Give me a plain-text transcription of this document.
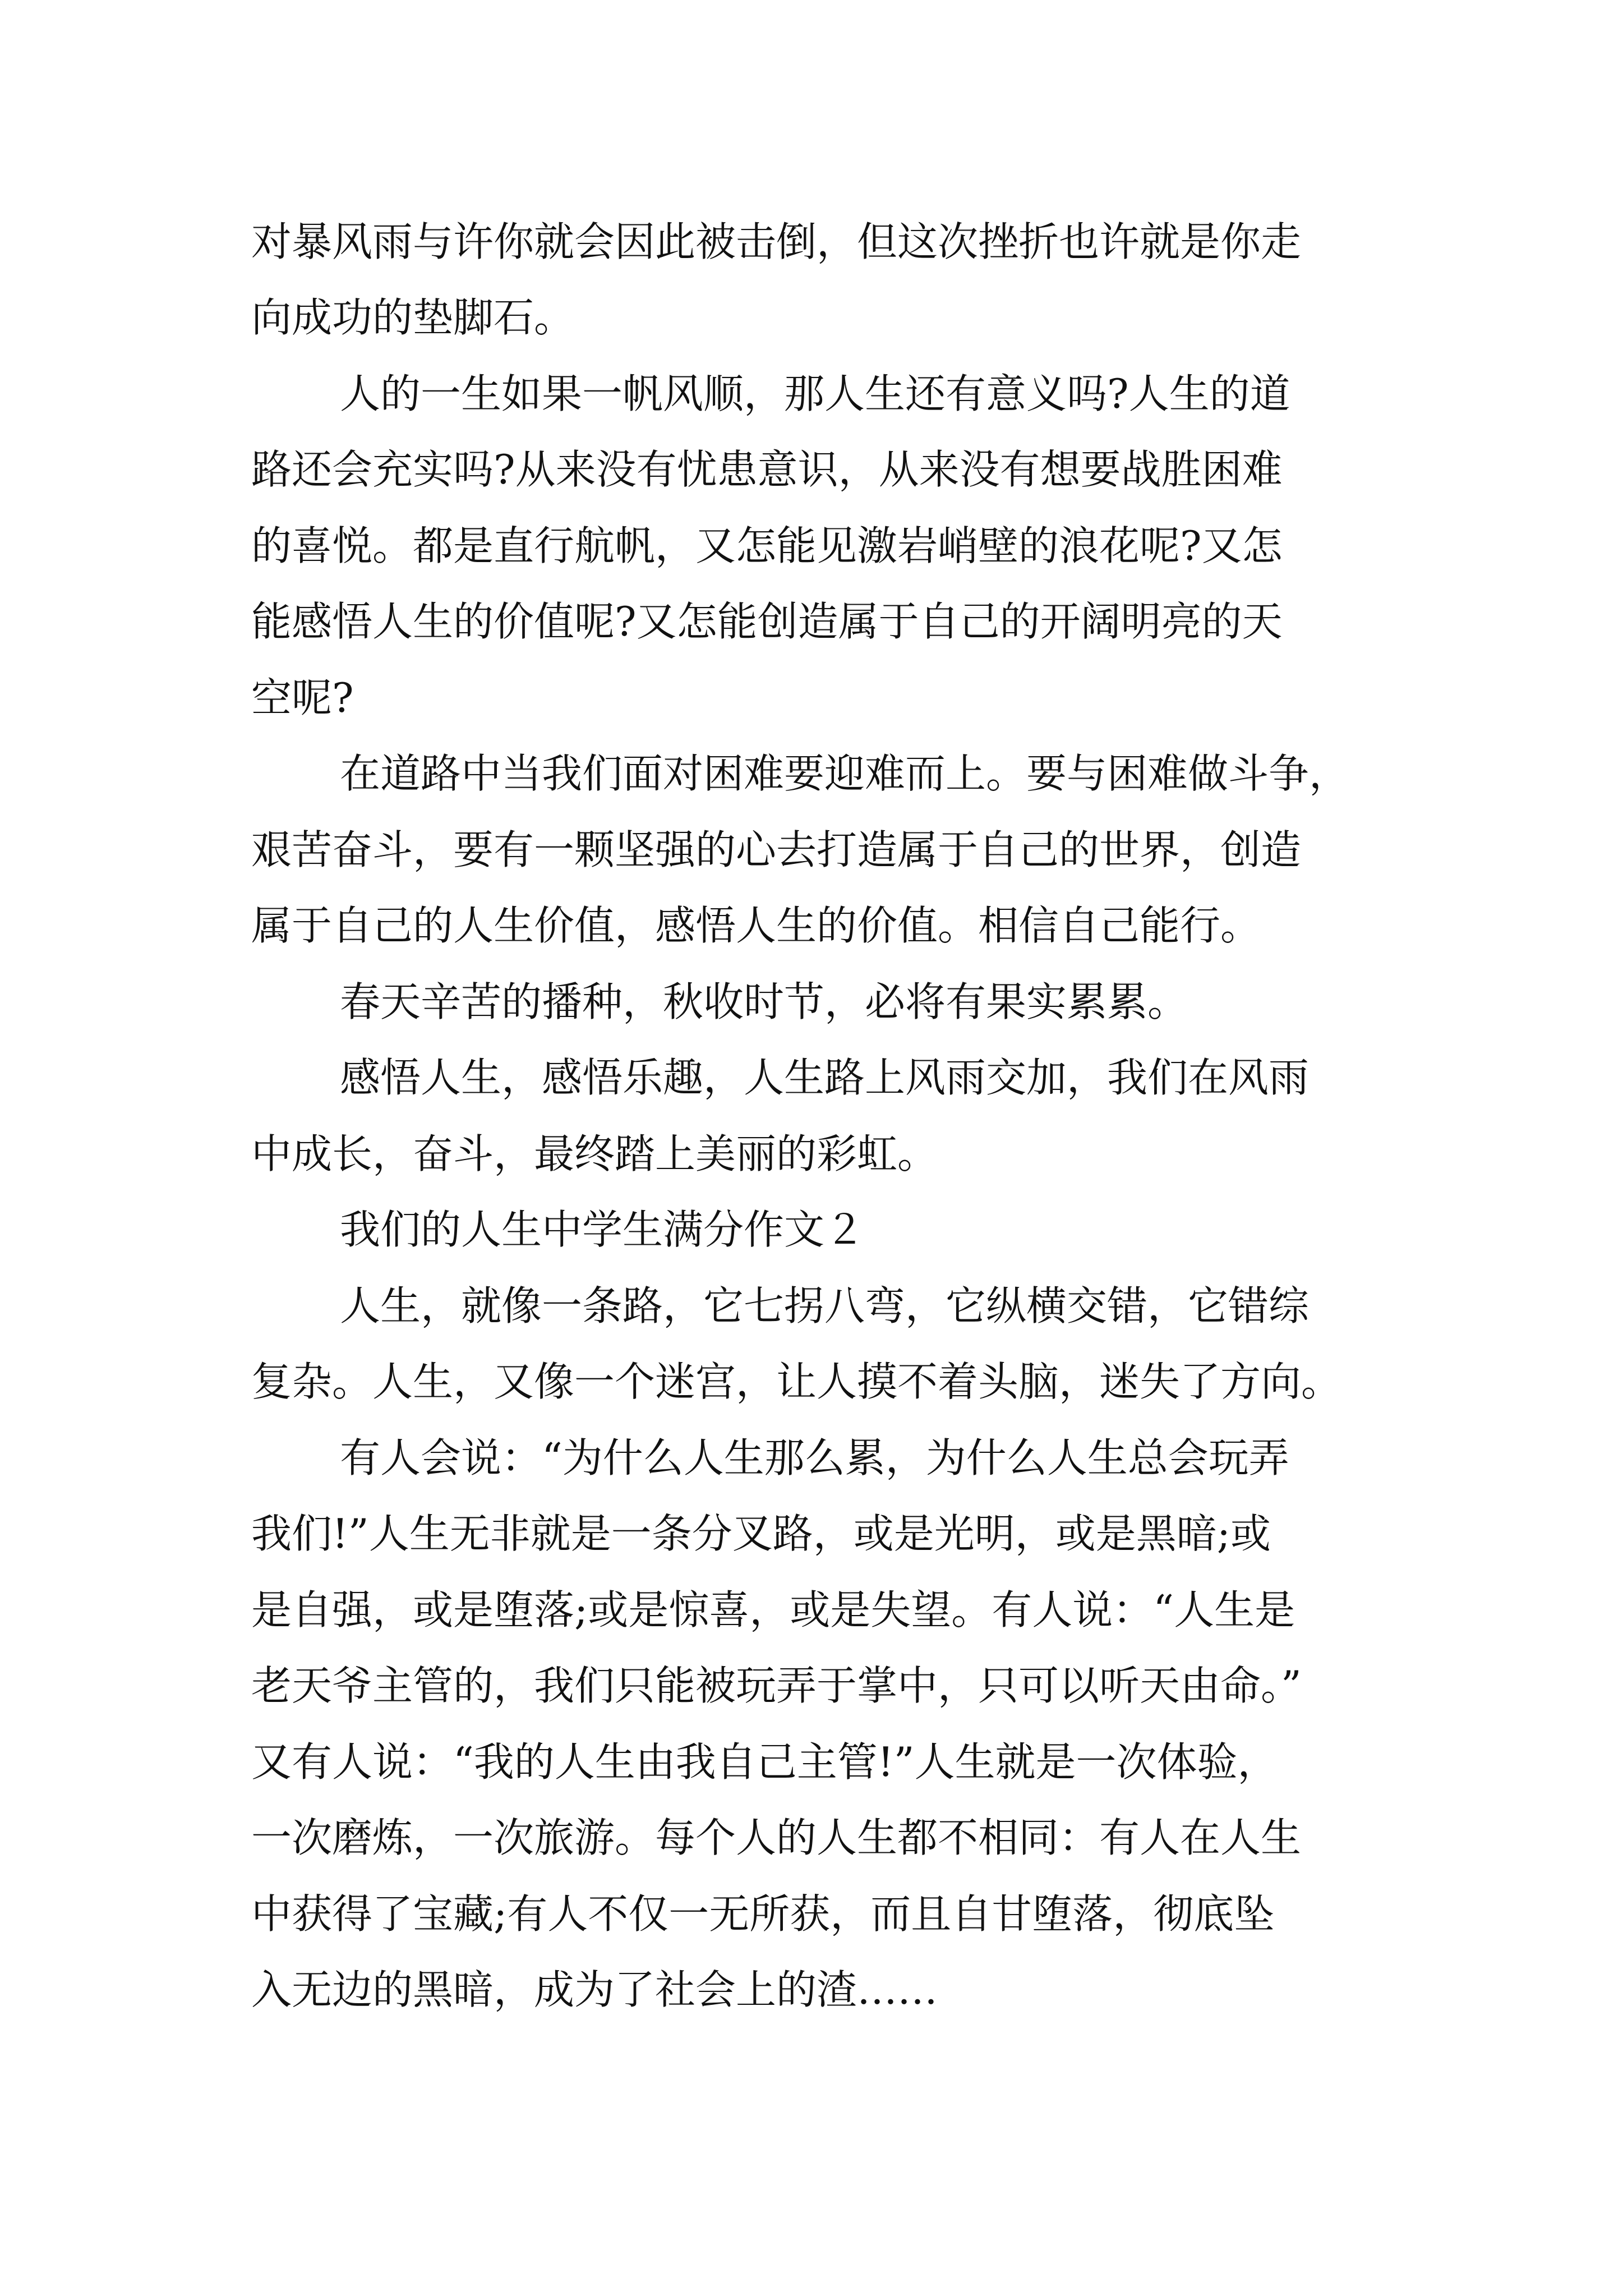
对暴风雨与许你就会因此被击倒，但这次挫折也许就是你走
向成功的垫脚石。
人的一生如果一帆风顺，那人生还有意义吗?人生的道
路还会充实吗?从来没有忧患意识，从来没有想要战胜困难
的喜悦。都是直行航帆，又怎能见激岩峭壁的浪花呢?又怎
能感悟人生的价值呢?又怎能创造属于自己的开阔明亮的天
空呢?
在道路中当我们面对困难要迎难而上。要与困难做斗争，
艰苦奋斗，要有一颗坚强的心去打造属于自己的世界，创造
属于自己的人生价值，感悟人生的价值。相信自己能行。
春天辛苦的播种，秋收时节，必将有果实累累。
感悟人生，感悟乐趣，人生路上风雨交加，我们在风雨
中成长，奋斗，最终踏上美丽的彩虹。
我们的人生中学生满分作文２
人生，就像一条路，它七拐八弯，它纵横交错，它错综
复杂。人生，又像一个迷宫，让人摸不着头脑，迷失了方向。
有人会说：“为什么人生那么累，为什么人生总会玩弄
我们!”人生无非就是一条分叉路，或是光明，或是黑暗;或
是自强，或是堕落;或是惊喜，或是失望。有人说：“人生是
老天爷主管的，我们只能被玩弄于掌中，只可以听天由命。”
又有人说：“我的人生由我自己主管!”人生就是一次体验，
一次磨炼，一次旅游。每个人的人生都不相同：有人在人生
中获得了宝藏;有人不仅一无所获，而且自甘堕落，彻底坠
入无边的黑暗，成为了社会上的渣……
